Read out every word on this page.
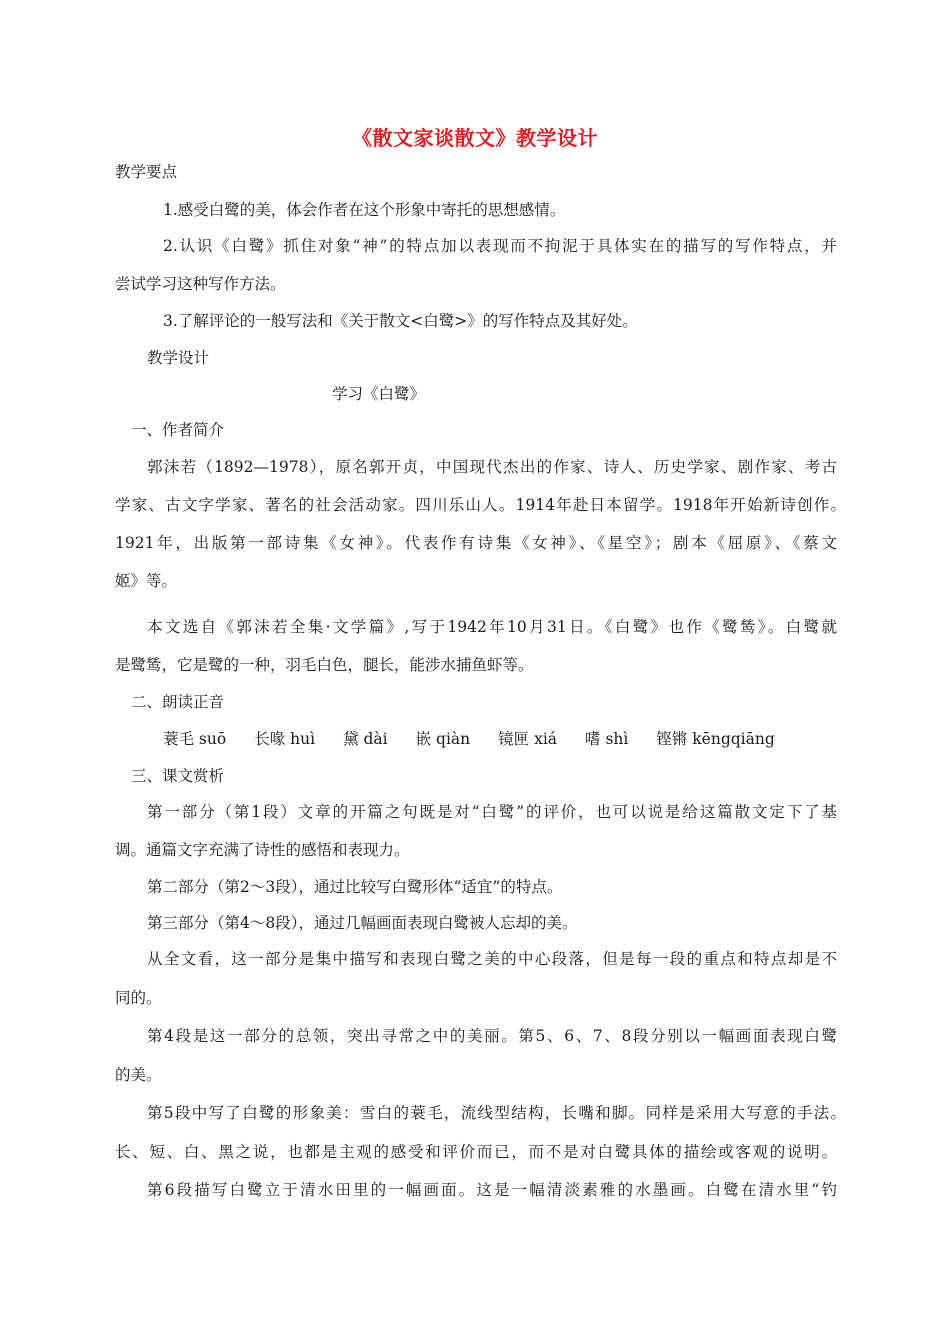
《散文家谈散文》教学设计
教学要点
1.感受白鹭的美，体会作者在这个形象中寄托的思想感情。
2.认识《白鹭》抓住对象“神”的特点加以表现而不拘泥于具体实在的描写的写作特点，并
尝试学习这种写作方法。
3.了解评论的一般写法和《关于散文<白鹭>》的写作特点及其好处。
教学设计
学习《白鹭》
一、作者简介
郭沫若（1892—1978），原名郭开贞，中国现代杰出的作家、诗人、历史学家、剧作家、考古
学家、古文字学家、著名的社会活动家。四川乐山人。1914年赴日本留学。1918年开始新诗创作。
1921年，出版第一部诗集《女神》。代表作有诗集《女神》、《星空》；剧本《屈原》、《蔡文
姬》等。
本文选自《郭沫若全集·文学篇》,写于1942年10月31日。《白鹭》也作《鹭鸶》。白鹭就
是鹭鸶，它是鹭的一种，羽毛白色，腿长，能涉水捕鱼虾等。
二、朗读正音
蓑毛 suō 长喙 huì 黛 dài 嵌 qiàn 镜匣 xiá 嗜 shì 铿锵 kēngqiāng
三、课文赏析
第一部分（第1段）文章的开篇之句既是对“白鹭”的评价，也可以说是给这篇散文定下了基
调。通篇文字充满了诗性的感悟和表现力。
第二部分（第2～3段），通过比较写白鹭形体“适宜”的特点。
第三部分（第4～8段），通过几幅画面表现白鹭被人忘却的美。
从全文看，这一部分是集中描写和表现白鹭之美的中心段落，但是每一段的重点和特点却是不
同的。
第4段是这一部分的总领，突出寻常之中的美丽。第5、6、7、8段分别以一幅画面表现白鹭
的美。
第5段中写了白鹭的形象美：雪白的蓑毛，流线型结构，长嘴和脚。同样是采用大写意的手法。
长、短、白、黑之说，也都是主观的感受和评价而已，而不是对白鹭具体的描绘或客观的说明。
第6段描写白鹭立于清水田里的一幅画面。这是一幅清淡素雅的水墨画。白鹭在清水里“钓
